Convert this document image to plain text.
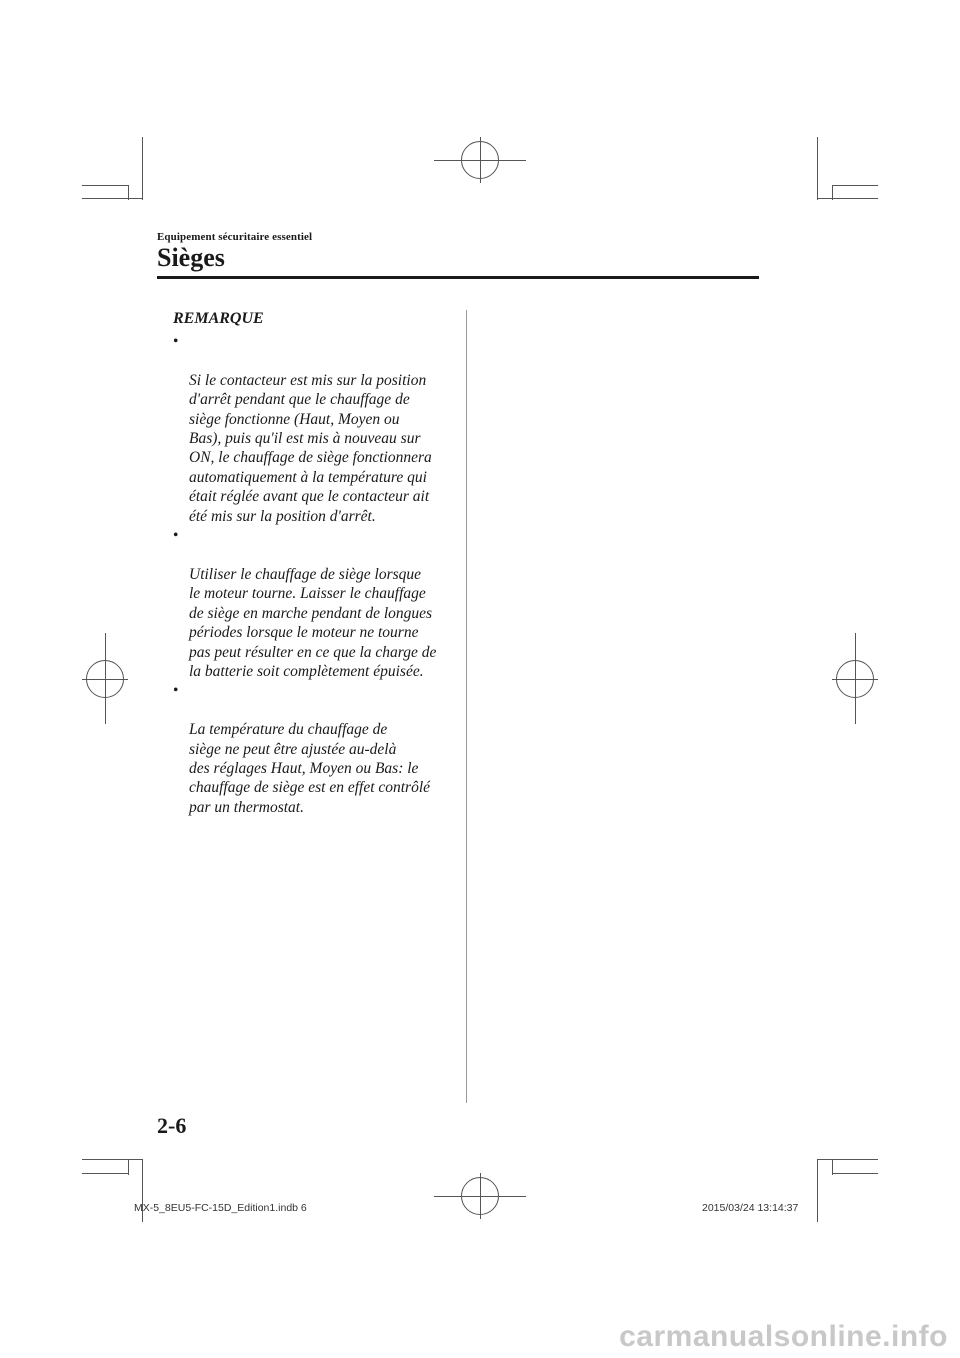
Equipement sécuritaire essentiel
Sièges
REMARQUE

•

Si le contacteur est mis sur la position
d'arrêt pendant que le chauffage de
siège fonctionne (Haut, Moyen ou
Bas), puis qu'il est mis à nouveau sur
ON, le chauffage de siège fonctionnera
automatiquement à la température qui
était réglée avant que le contacteur ait
été mis sur la position d'arrêt.

•

Utiliser le chauffage de siège lorsque
le moteur tourne. Laisser le chauffage
de siège en marche pendant de longues
périodes lorsque le moteur ne tourne
pas peut résulter en ce que la charge de
la batterie soit complètement épuisée.

•

La température du chauffage de
siège ne peut être ajustée au-delà
des réglages Haut, Moyen ou Bas: le
chauffage de siège est en effet contrôlé
par un thermostat.

2-6
MX-5_8EU5-FC-15D_Edition1.indb 6	2015/03/24 13:14:37
carmanualsonline.info
